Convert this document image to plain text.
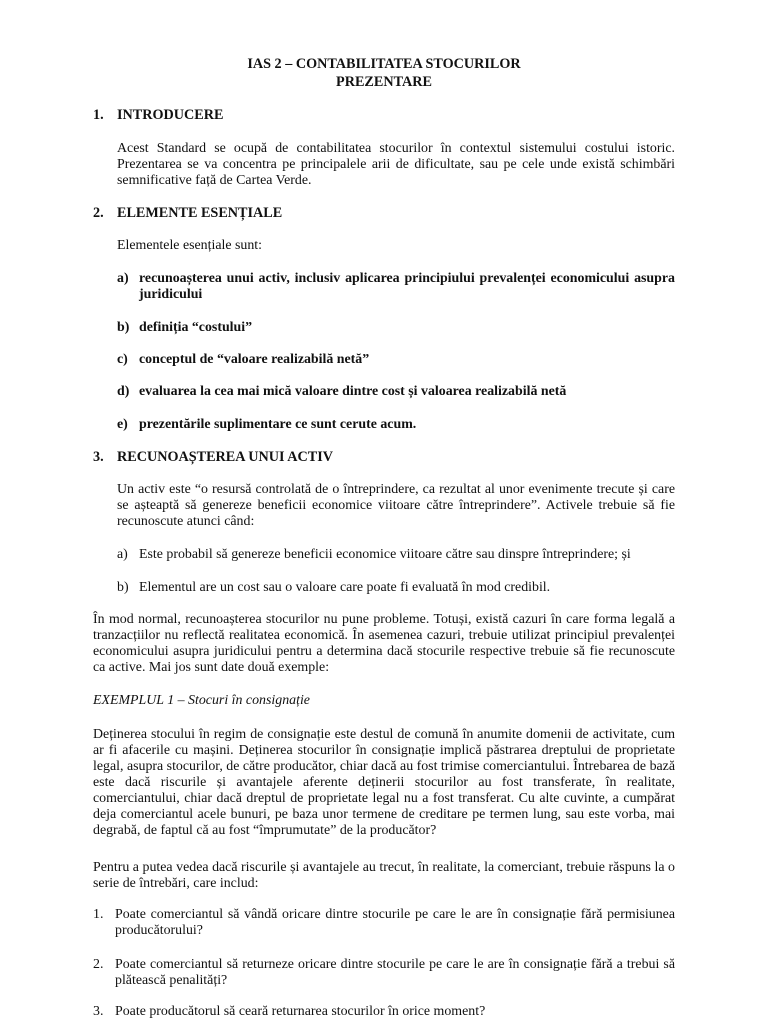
IAS 2 – CONTABILITATEA STOCURILOR
PREZENTARE
1. INTRODUCERE
Acest Standard se ocupă de contabilitatea stocurilor în contextul sistemului costului istoric. Prezentarea se va concentra pe principalele arii de dificultate, sau pe cele unde există schimbări semnificative față de Cartea Verde.
2. ELEMENTE ESENȚIALE
Elementele esențiale sunt:
a) recunoașterea unui activ, inclusiv aplicarea principiului prevalenței economicului asupra juridicului
b) definiția “costului”
c) conceptul de “valoare realizabilă netă”
d) evaluarea la cea mai mică valoare dintre cost și valoarea realizabilă netă
e) prezentările suplimentare ce sunt cerute acum.
3. RECUNOAȘTEREA UNUI ACTIV
Un activ este “o resursă controlată de o întreprindere, ca rezultat al unor evenimente trecute și care se așteaptă să genereze beneficii economice viitoare către întreprindere”. Activele trebuie să fie recunoscute atunci când:
a) Este probabil să genereze beneficii economice viitoare către sau dinspre întreprindere; și
b) Elementul are un cost sau o valoare care poate fi evaluată în mod credibil.
În mod normal, recunoașterea stocurilor nu pune probleme. Totuși, există cazuri în care forma legală a tranzacțiilor nu reflectă realitatea economică. În asemenea cazuri, trebuie utilizat principiul prevalenței economicului asupra juridicului pentru a determina dacă stocurile respective trebuie să fie recunoscute ca active. Mai jos sunt date două exemple:
EXEMPLUL 1 – Stocuri în consignație
Deținerea stocului în regim de consignație este destul de comună în anumite domenii de activitate, cum ar fi afacerile cu mașini. Deținerea stocurilor în consignație implică păstrarea dreptului de proprietate legal, asupra stocurilor, de către producător, chiar dacă au fost trimise comerciantului. Întrebarea de bază este dacă riscurile și avantajele aferente deținerii stocurilor au fost transferate, în realitate, comerciantului, chiar dacă dreptul de proprietate legal nu a fost transferat. Cu alte cuvinte, a cumpărat deja comerciantul acele bunuri, pe baza unor termene de creditare pe termen lung, sau este vorba, mai degrabă, de faptul că au fost “împrumutate” de la producător?
Pentru a putea vedea dacă riscurile și avantajele au trecut, în realitate, la comerciant, trebuie răspuns la o serie de întrebări, care includ:
1. Poate comerciantul să vândă oricare dintre stocurile pe care le are în consignație fără permisiunea producătorului?
2. Poate comerciantul să returneze oricare dintre stocurile pe care le are în consignație fără a trebui să plătească penalități?
3. Poate producătorul să ceară returnarea stocurilor în orice moment?
